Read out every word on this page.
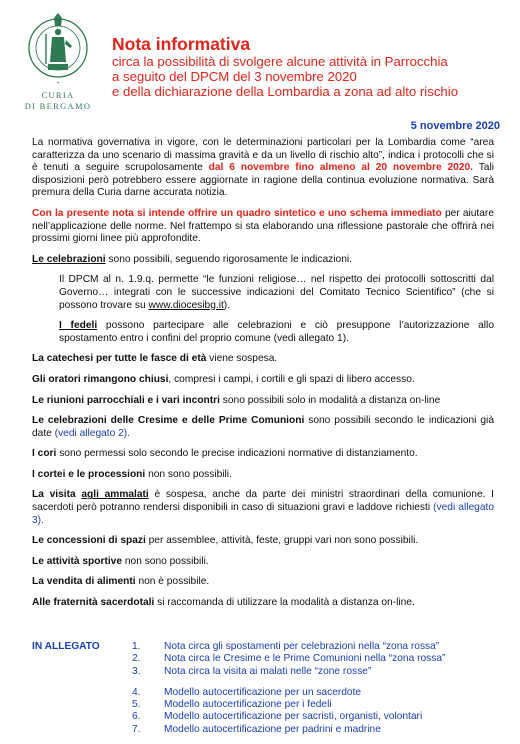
✦
CURIA
DI BERGAMO
Nota informativa
circa la possibilità di svolgere alcune attività in Parrocchia
a seguito del DPCM del 3 novembre 2020
e della dichiarazione della Lombardia a zona ad alto rischio
5 novembre 2020

La normativa governativa in vigore, con le determinazioni particolari per la Lombardia come “area caratterizza da uno scenario di massima gravità e da un livello di rischio alto”, indica i protocolli che si è tenuti a seguire scrupolosamente dal 6 novembre fino almeno al 20 novembre 2020. Tali disposizioni però potrebbero essere aggiornate in ragione della continua evoluzione normativa. Sarà premura della Curia darne accurata notizia.

Con la presente nota si intende offrire un quadro sintetico e uno schema immediato per aiutare nell’applicazione delle norme. Nel frattempo si sta elaborando una riflessione pastorale che offrirà nei prossimi giorni linee più approfondite.

Le celebrazioni sono possibili, seguendo rigorosamente le indicazioni.

Il DPCM al n. 1.9.q. permette “le funzioni religiose… nel rispetto dei protocolli sottoscritti dal Governo… integrati con le successive indicazioni del Comitato Tecnico Scientifico” (che si possono trovare su www.diocesibg.it).

I fedeli possono partecipare alle celebrazioni e ciò presuppone l’autorizzazione allo spostamento entro i confini del proprio comune (vedi allegato 1).

La catechesi per tutte le fasce di età viene sospesa.

Gli oratori rimangono chiusi, compresi i campi, i cortili e gli spazi di libero accesso.

Le riunioni parrocchiali e i vari incontri sono possibili solo in modalità a distanza on-line

Le celebrazioni delle Cresime e delle Prime Comunioni sono possibili secondo le indicazioni già date (vedi allegato 2).

I cori sono permessi solo secondo le precise indicazioni normative di distanziamento.

I cortei e le processioni non sono possibili.

La visita agli ammalati è sospesa, anche da parte dei ministri straordinari della comunione. I sacerdoti però potranno rendersi disponibili in caso di situazioni gravi e laddove richiesti (vedi allegato 3).

Le concessioni di spazi per assemblee, attività, feste, gruppi vari non sono possibili.

Le attività sportive non sono possibili.

La vendita di alimenti non è possibile.

Alle fraternità sacerdotali si raccomanda di utilizzare la modalità a distanza on-line.

IN ALLEGATO	1.	Nota circa gli spostamenti per celebrazioni nella “zona rossa”
2.	Nota circa le Cresime e le Prime Comunioni nella “zona rossa”
3.	Nota circa la visita ai malati nelle “zone rosse”
4.	Modello autocertificazione per un sacerdote
5.	Modello autocertificazione per i fedeli
6.	Modello autocertificazione per sacristi, organisti, volontari
7.	Modello autocertificazione per padrini e madrine
